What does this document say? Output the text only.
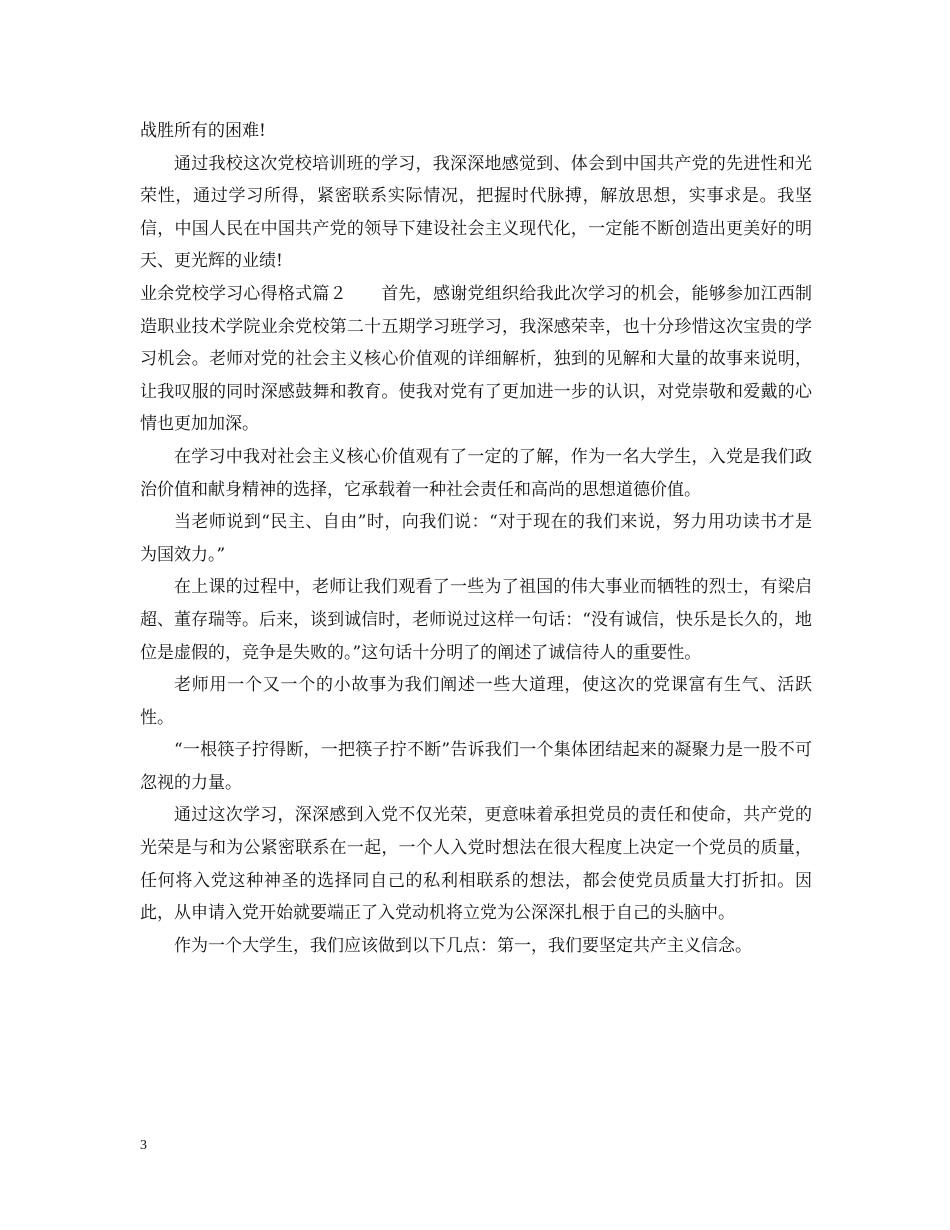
战胜所有的困难!

通过我校这次党校培训班的学习，我深深地感觉到、体会到中国共产党的先进性和光荣性，通过学习所得，紧密联系实际情况，把握时代脉搏，解放思想，实事求是。我坚信，中国人民在中国共产党的领导下建设社会主义现代化，一定能不断创造出更美好的明天、更光辉的业绩!

业余党校学习心得格式篇２　　首先，感谢党组织给我此次学习的机会，能够参加江西制造职业技术学院业余党校第二十五期学习班学习，我深感荣幸，也十分珍惜这次宝贵的学习机会。老师对党的社会主义核心价值观的详细解析，独到的见解和大量的故事来说明，让我叹服的同时深感鼓舞和教育。使我对党有了更加进一步的认识，对党崇敬和爱戴的心情也更加加深。

在学习中我对社会主义核心价值观有了一定的了解，作为一名大学生，入党是我们政治价值和献身精神的选择，它承载着一种社会责任和高尚的思想道德价值。

当老师说到“民主、自由”时，向我们说：“对于现在的我们来说，努力用功读书才是为国效力。”

在上课的过程中，老师让我们观看了一些为了祖国的伟大事业而牺牲的烈士，有梁启超、董存瑞等。后来，谈到诚信时，老师说过这样一句话：“没有诚信，快乐是长久的，地位是虚假的，竞争是失败的。”这句话十分明了的阐述了诚信待人的重要性。

老师用一个又一个的小故事为我们阐述一些大道理，使这次的党课富有生气、活跃性。

“一根筷子拧得断，一把筷子拧不断”告诉我们一个集体团结起来的凝聚力是一股不可忽视的力量。

通过这次学习，深深感到入党不仅光荣，更意味着承担党员的责任和使命，共产党的光荣是与和为公紧密联系在一起，一个人入党时想法在很大程度上决定一个党员的质量，任何将入党这种神圣的选择同自己的私利相联系的想法，都会使党员质量大打折扣。因此，从申请入党开始就要端正了入党动机将立党为公深深扎根于自己的头脑中。

作为一个大学生，我们应该做到以下几点：第一，我们要坚定共产主义信念。

3
